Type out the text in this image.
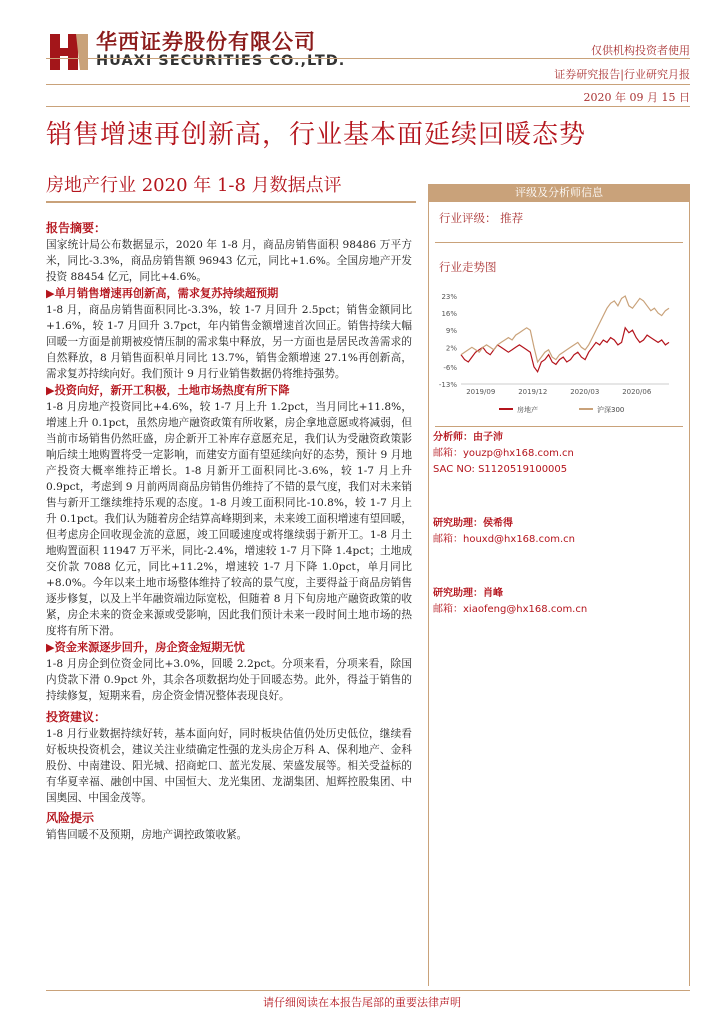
华西证券股份有限公司
HUAXI SECURITIES CO.,LTD.
仅供机构投资者使用
证券研究报告|行业研究月报
2020 年 09 月 15 日
销售增速再创新高，行业基本面延续回暖态势
房地产行业 2020 年 1-8 月数据点评
报告摘要：

国家统计局公布数据显示，2020 年 1-8 月，商品房销售面积 98486 万平方米，同比-3.3%，商品房销售额 96943 亿元，同比+1.6%。全国房地产开发投资 88454 亿元，同比+4.6%。

▶单月销售增速再创新高，需求复苏持续超预期

1-8 月，商品房销售面积同比-3.3%，较 1-7 月回升 2.5pct；销售金额同比+1.6%，较 1-7 月回升 3.7pct，年内销售金额增速首次回正。销售持续大幅回暖一方面是前期被疫情压制的需求集中释放，另一方面也是居民改善需求的自然释放，8 月销售面积单月同比 13.7%，销售金额增速 27.1%再创新高，需求复苏持续向好。我们预计 9 月行业销售数据仍将维持强势。

▶投资向好，新开工积极，土地市场热度有所下降

1-8 月房地产投资同比+4.6%，较 1-7 月上升 1.2pct，当月同比+11.8%，增速上升 0.1pct，虽然房地产融资政策有所收紧，房企拿地意愿或将减弱，但当前市场销售仍然旺盛，房企新开工补库存意愿充足，我们认为受融资政策影响后续土地购置将受一定影响，而建安方面有望延续向好的态势，预计 9 月地产投资大概率维持正增长。1-8 月新开工面积同比-3.6%，较 1-7 月上升 0.9pct，考虑到 9 月前两周商品房销售仍维持了不错的景气度，我们对未来销售与新开工继续维持乐观的态度。1-8 月竣工面积同比-10.8%，较 1-7 月上升 0.1pct。我们认为随着房企结算高峰期到来，未来竣工面积增速有望回暖，但考虑房企回收现金流的意愿，竣工回暖速度或将继续弱于新开工。1-8 月土地购置面积 11947 万平米，同比-2.4%，增速较 1-7 月下降 1.4pct；土地成交价款 7088 亿元，同比+11.2%，增速较 1-7 月下降 1.0pct，单月同比+8.0%。今年以来土地市场整体维持了较高的景气度，主要得益于商品房销售逐步修复，以及上半年融资端边际宽松，但随着 8 月下旬房地产融资政策的收紧，房企未来的资金来源或受影响，因此我们预计未来一段时间土地市场的热度将有所下滑。

▶资金来源逐步回升，房企资金短期无忧

1-8 月房企到位资金同比+3.0%，回暖 2.2pct。分项来看，分项来看，除国内贷款下滑 0.9pct 外，其余各项数据均处于回暖态势。此外，得益于销售的持续修复，短期来看，房企资金情况整体表现良好。

投资建议：

1-8 月行业数据持续好转，基本面向好，同时板块估值仍处历史低位，继续看好板块投资机会，建议关注业绩确定性强的龙头房企万科 A、保利地产、金科股份、中南建设、阳光城、招商蛇口、蓝光发展、荣盛发展等。相关受益标的有华夏幸福、融创中国、中国恒大、龙光集团、龙湖集团、旭辉控股集团、中国奥园、中国金茂等。

风险提示

销售回暖不及预期，房地产调控政策收紧。

评级及分析师信息
行业评级： 推荐
行业走势图
23%
16%
9%
2%
-6%
-13%
2019/09	2019/12	2020/03	2020/06
房地产	沪深300
分析师：由子沛
邮箱：youzp@hx168.com.cn
SAC NO: S1120519100005
研究助理：侯希得
邮箱：houxd@hx168.com.cn
研究助理：肖峰
邮箱：xiaofeng@hx168.com.cn
请仔细阅读在本报告尾部的重要法律声明
